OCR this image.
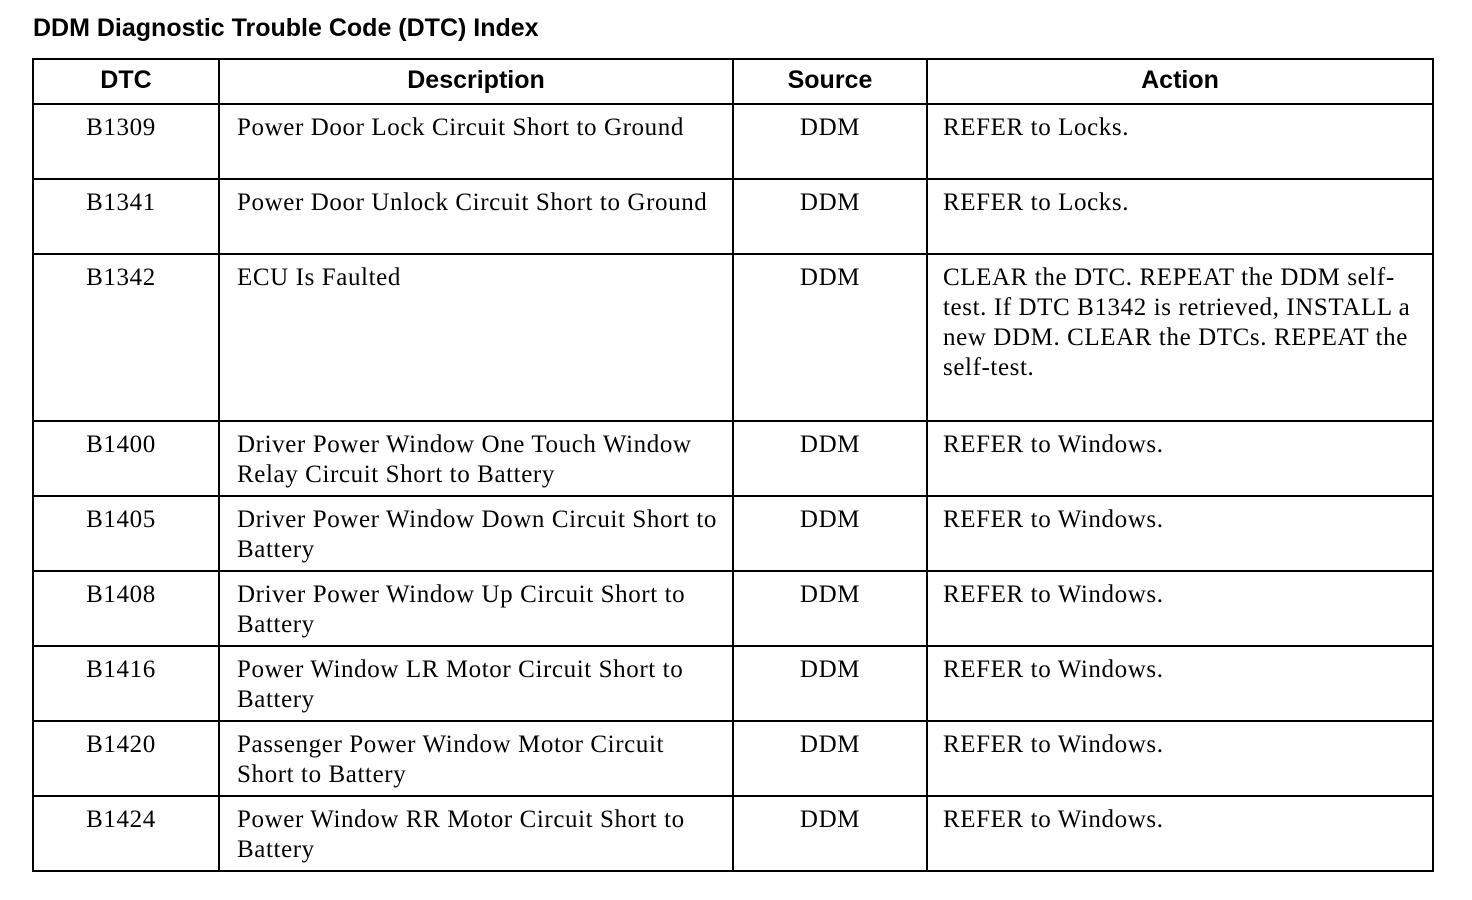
DDM Diagnostic Trouble Code (DTC) Index
DTC	Description	Source	Action
B1309	Power Door Lock Circuit Short to Ground	DDM	REFER to Locks.
B1341	Power Door Unlock Circuit Short to Ground	DDM	REFER to Locks.
B1342	ECU Is Faulted	DDM	CLEAR the DTC. REPEAT the DDM self-test. If DTC B1342 is retrieved, INSTALL a new DDM. CLEAR the DTCs. REPEAT the self-test.
B1400	Driver Power Window One Touch Window Relay Circuit Short to Battery	DDM	REFER to Windows.
B1405	Driver Power Window Down Circuit Short to Battery	DDM	REFER to Windows.
B1408	Driver Power Window Up Circuit Short to Battery	DDM	REFER to Windows.
B1416	Power Window LR Motor Circuit Short to Battery	DDM	REFER to Windows.
B1420	Passenger Power Window Motor Circuit Short to Battery	DDM	REFER to Windows.
B1424	Power Window RR Motor Circuit Short to Battery	DDM	REFER to Windows.
